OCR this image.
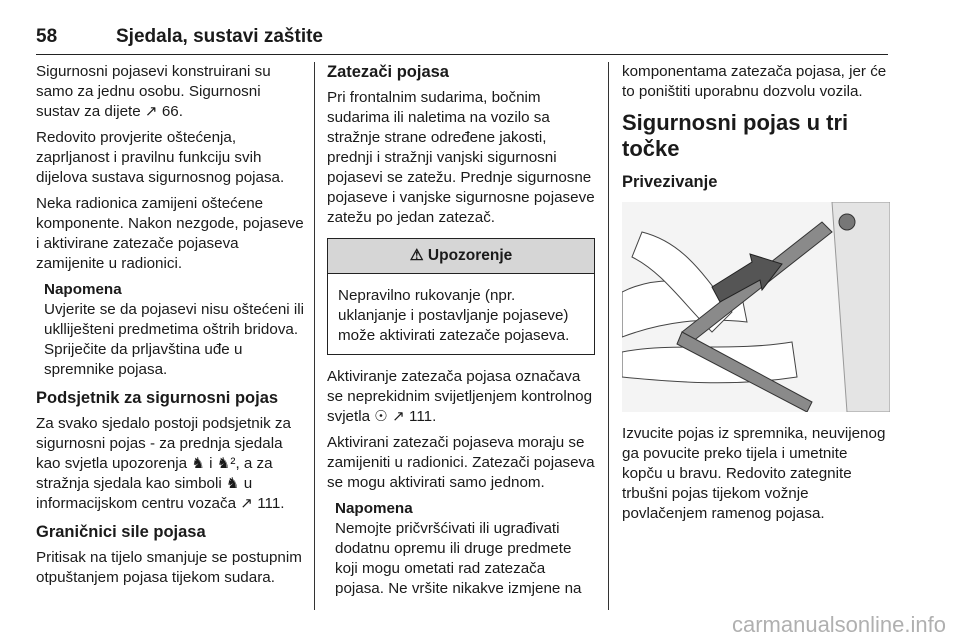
58	Sjedala, sustavi zaštite

Sigurnosni pojasevi konstruirani su samo za jednu osobu. Sigurnosni sustav za dijete ↗ 66.

Redovito provjerite oštećenja, zaprljanost i pravilnu funkciju svih dijelova sustava sigurnosnog pojasa.

Neka radionica zamijeni oštećene komponente. Nakon nezgode, pojaseve i aktivirane zatezače pojaseva zamijenite u radionici.

Napomena
Uvjerite se da pojasevi nisu oštećeni ili uklliješteni predmetima oštrih bridova. Spriječite da prljavština uđe u spremnike pojasa.
Podsjetnik za sigurnosni pojas

Za svako sjedalo postoji podsjetnik za sigurnosni pojas - za prednja sjedala kao svjetla upozorenja ♞ i ♞², a za stražnja sjedala kao simboli ♞ u informacijskom centru vozača ↗ 111.

Graničnici sile pojasa

Pritisak na tijelo smanjuje se postupnim otpuštanjem pojasa tijekom sudara.

Zatezači pojasa

Pri frontalnim sudarima, bočnim sudarima ili naletima na vozilo sa stražnje strane određene jakosti, prednji i stražnji vanjski sigurnosni pojasevi se zatežu. Prednje sigurnosne pojaseve i vanjske sigurnosne pojaseve zatežu po jedan zatezač.

⚠ Upozorenje
Nepravilno rukovanje (npr. uklanjanje i postavljanje pojaseve) može aktivirati zatezače pojaseva.

Aktiviranje zatezača pojasa označava se neprekidnim svijetljenjem kontrolnog svjetla ☉ ↗ 111.

Aktivirani zatezači pojaseva moraju se zamijeniti u radionici. Zatezači pojaseva se mogu aktivirati samo jednom.

Napomena
Nemojte pričvršćivati ili ugrađivati dodatnu opremu ili druge predmete koji mogu ometati rad zatezača pojasa. Ne vršite nikakve izmjene na

komponentama zatezača pojasa, jer će to poništiti uporabnu dozvolu vozila.

Sigurnosni pojas u tri točke
Privezivanje

Izvucite pojas iz spremnika, neuvijenog ga povucite preko tijela i umetnite kopču u bravu. Redovito zategnite trbušni pojas tijekom vožnje povlačenjem ramenog pojasa.

carmanualsonline.info
